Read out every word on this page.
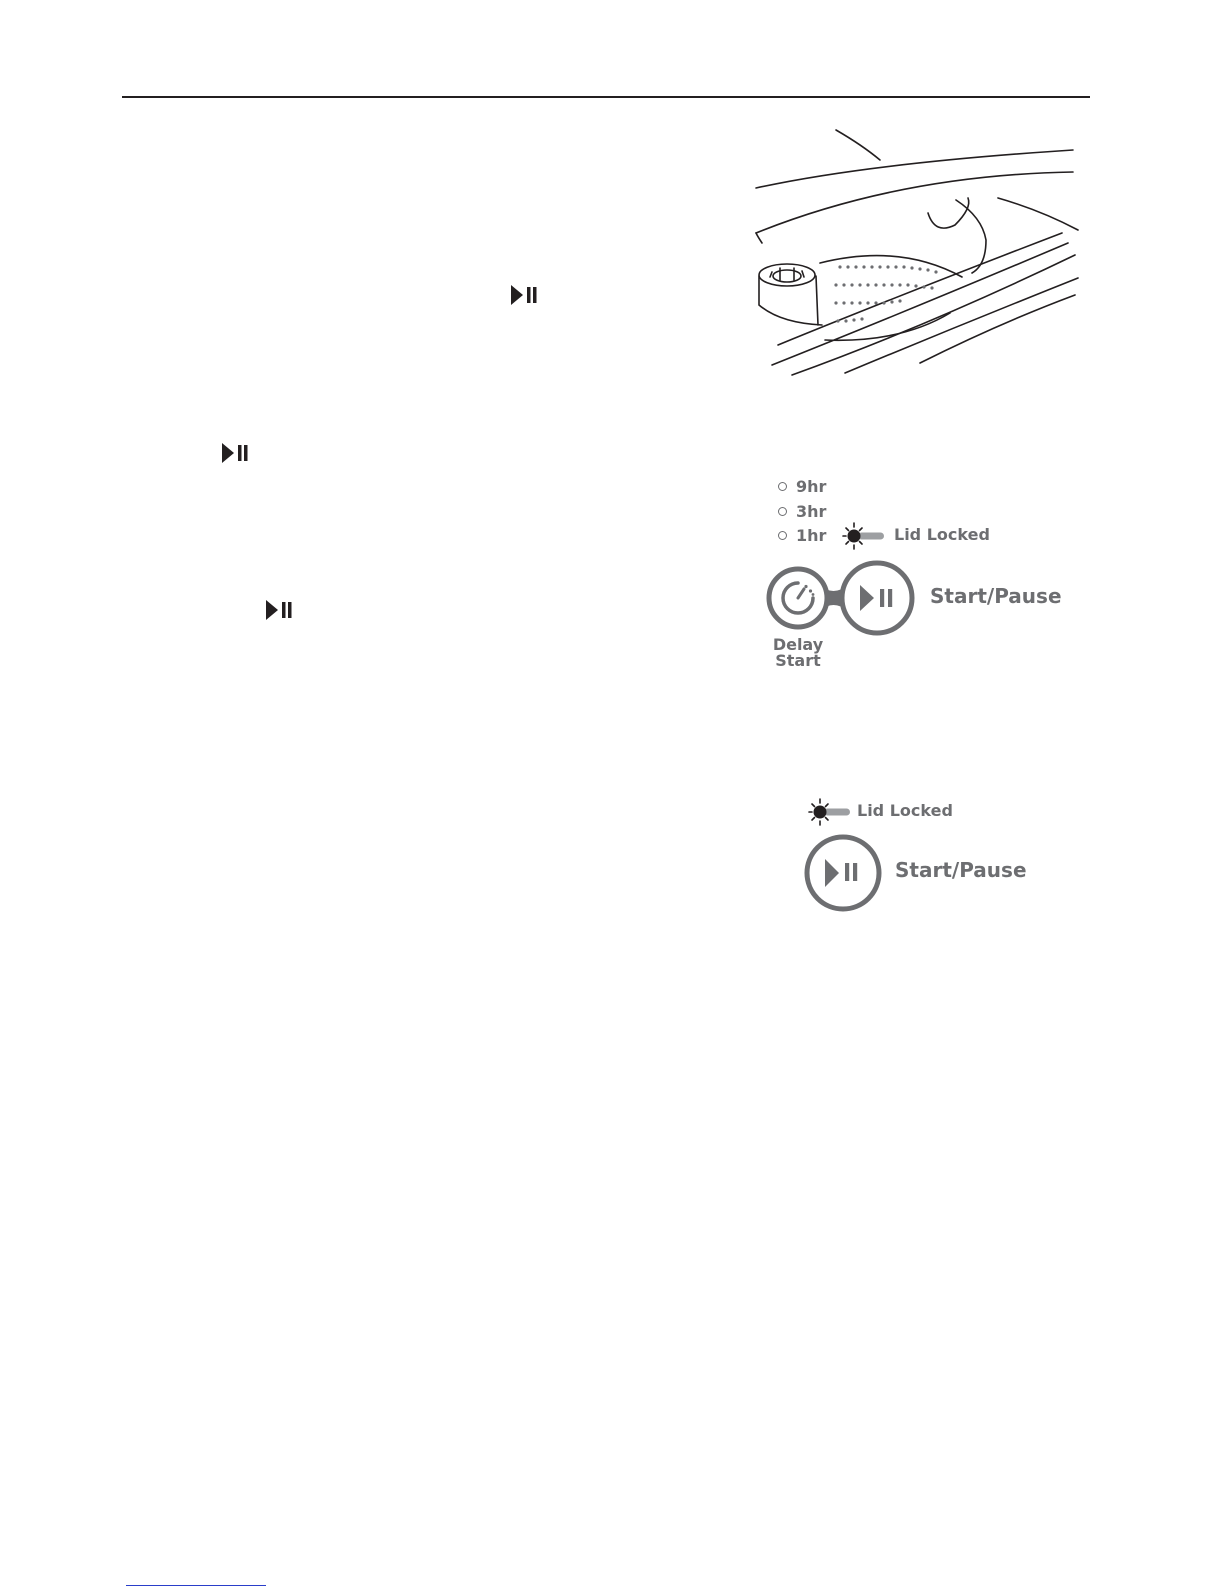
9hr
3hr
1hr	Lid Locked
Start/Pause
Delay
Start
Lid Locked
Start/Pause
